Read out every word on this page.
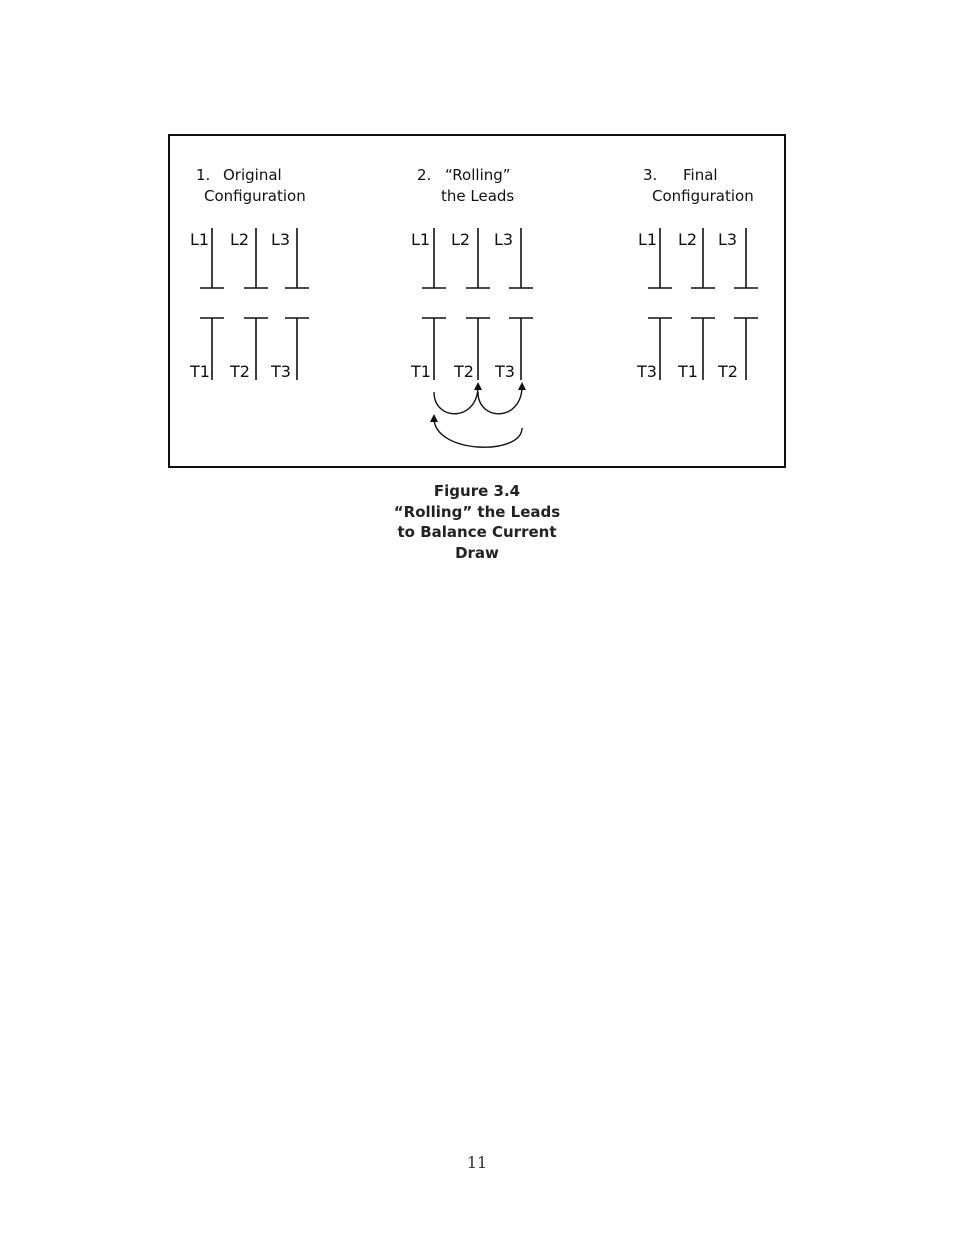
1. Original
Configuration
L1 L2 L3
T1 T2 T3
2. “Rolling”
the Leads
L1 L2 L3
T1 T2 T3
3. Final
Configuration
L1 L2 L3
T3 T1 T2
Figure 3.4
“Rolling” the Leads
to Balance Current
Draw
11
